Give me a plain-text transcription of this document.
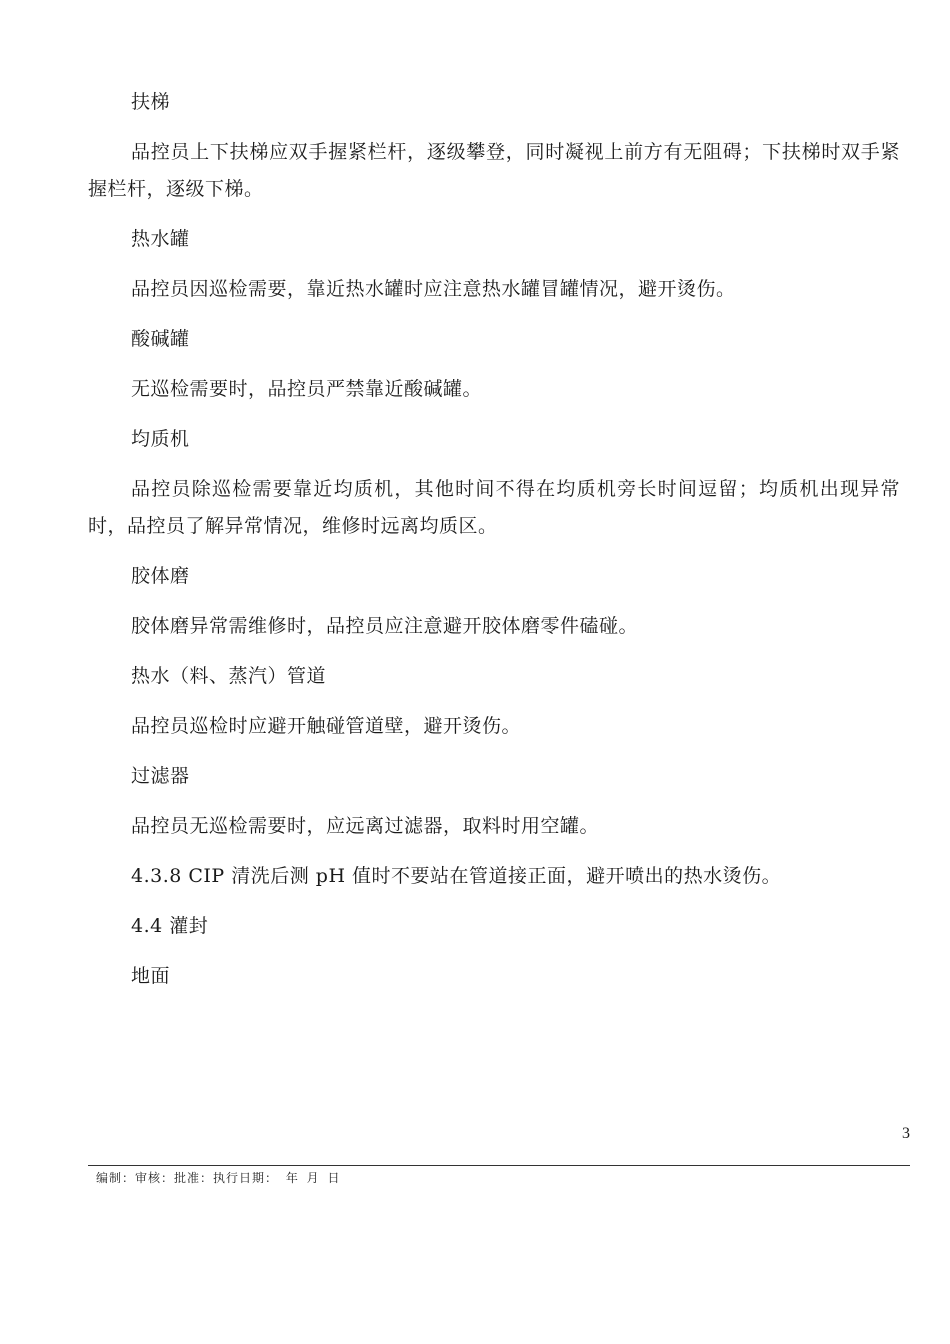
扶梯

品控员上下扶梯应双手握紧栏杆，逐级攀登，同时凝视上前方有无阻碍；下扶梯时双手紧握栏杆，逐级下梯。

热水罐

品控员因巡检需要，靠近热水罐时应注意热水罐冒罐情况，避开烫伤。

酸碱罐

无巡检需要时，品控员严禁靠近酸碱罐。

均质机

品控员除巡检需要靠近均质机，其他时间不得在均质机旁长时间逗留；均质机出现异常时，品控员了解异常情况，维修时远离均质区。

胶体磨

胶体磨异常需维修时，品控员应注意避开胶体磨零件磕碰。

热水（料、蒸汽）管道

品控员巡检时应避开触碰管道壁，避开烫伤。

过滤器

品控员无巡检需要时，应远离过滤器，取料时用空罐。

4.3.8 CIP 清洗后测 pH 值时不要站在管道接正面，避开喷出的热水烫伤。

4.4 灌封

地面

3
编制：审核：批准：执行日期： 年 月 日
